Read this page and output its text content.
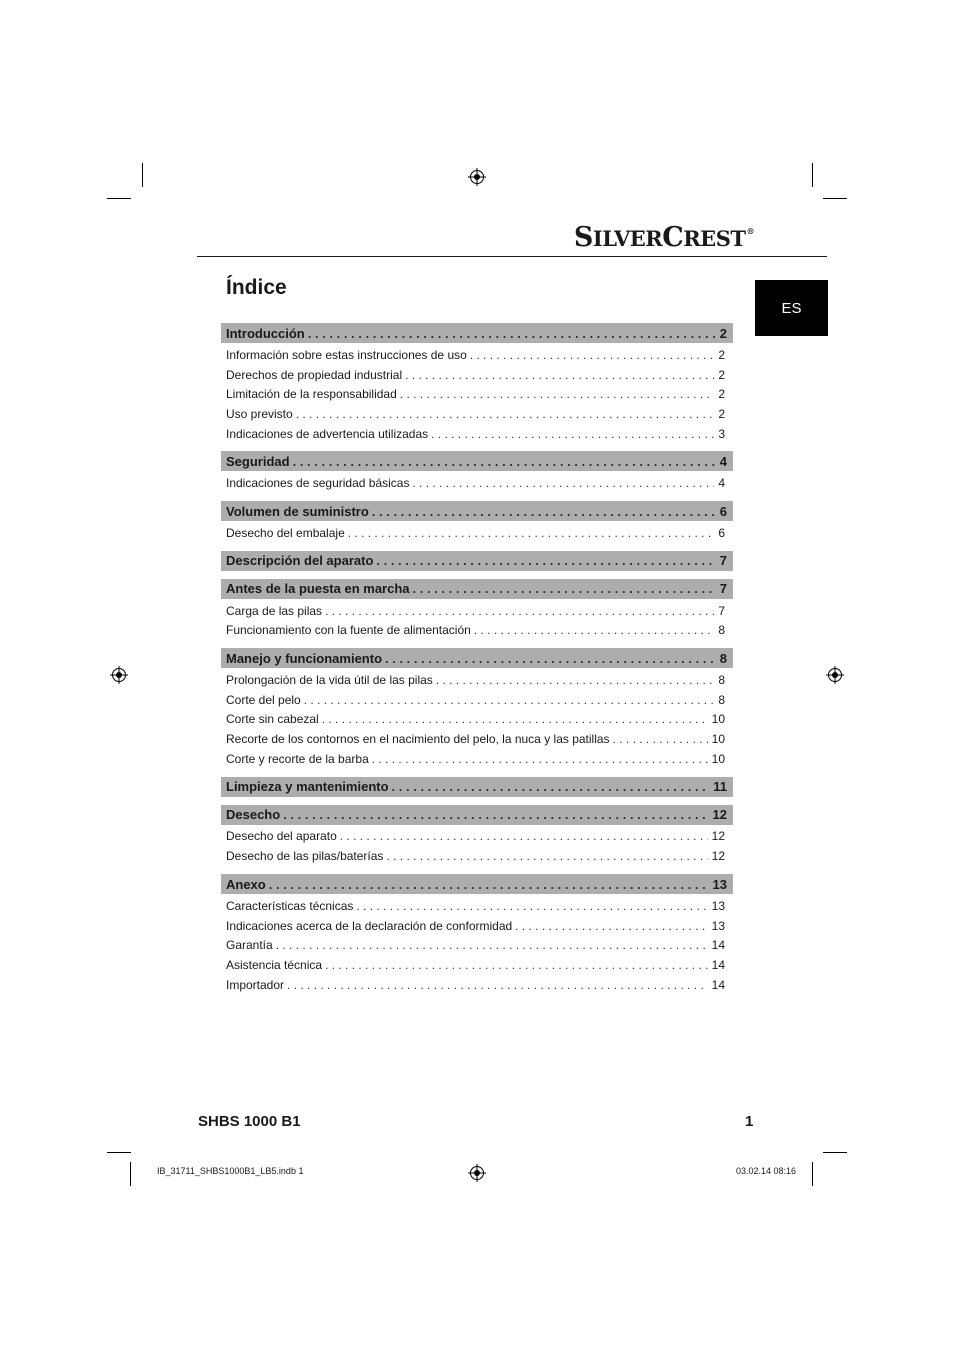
SILVERCREST®
ES
Índice
Introducción . . .	2
Información sobre estas instrucciones de uso . . .	2
Derechos de propiedad industrial . . .	2
Limitación de la responsabilidad . . .	2
Uso previsto . . .	2
Indicaciones de advertencia utilizadas . . .	3
Seguridad . . .	4
Indicaciones de seguridad básicas . . .	4
Volumen de suministro . . .	6
Desecho del embalaje . . .	6
Descripción del aparato . . .	7
Antes de la puesta en marcha . . .	7
Carga de las pilas . . .	7
Funcionamiento con la fuente de alimentación . . .	8
Manejo y funcionamiento . . .	8
Prolongación de la vida útil de las pilas . . .	8
Corte del pelo . . .	8
Corte sin cabezal . . .	10
Recorte de los contornos en el nacimiento del pelo, la nuca y las patillas . . .	10
Corte y recorte de la barba . . .	10
Limpieza y mantenimiento . . .	11
Desecho . . .	12
Desecho del aparato . . .	12
Desecho de las pilas/baterías . . .	12
Anexo . . .	13
Características técnicas . . .	13
Indicaciones acerca de la declaración de conformidad . . .	13
Garantía . . .	14
Asistencia técnica . . .	14
Importador . . .	14
SHBS 1000 B1	1
IB_31711_SHBS1000B1_LB5.indb 1	03.02.14 08:16
